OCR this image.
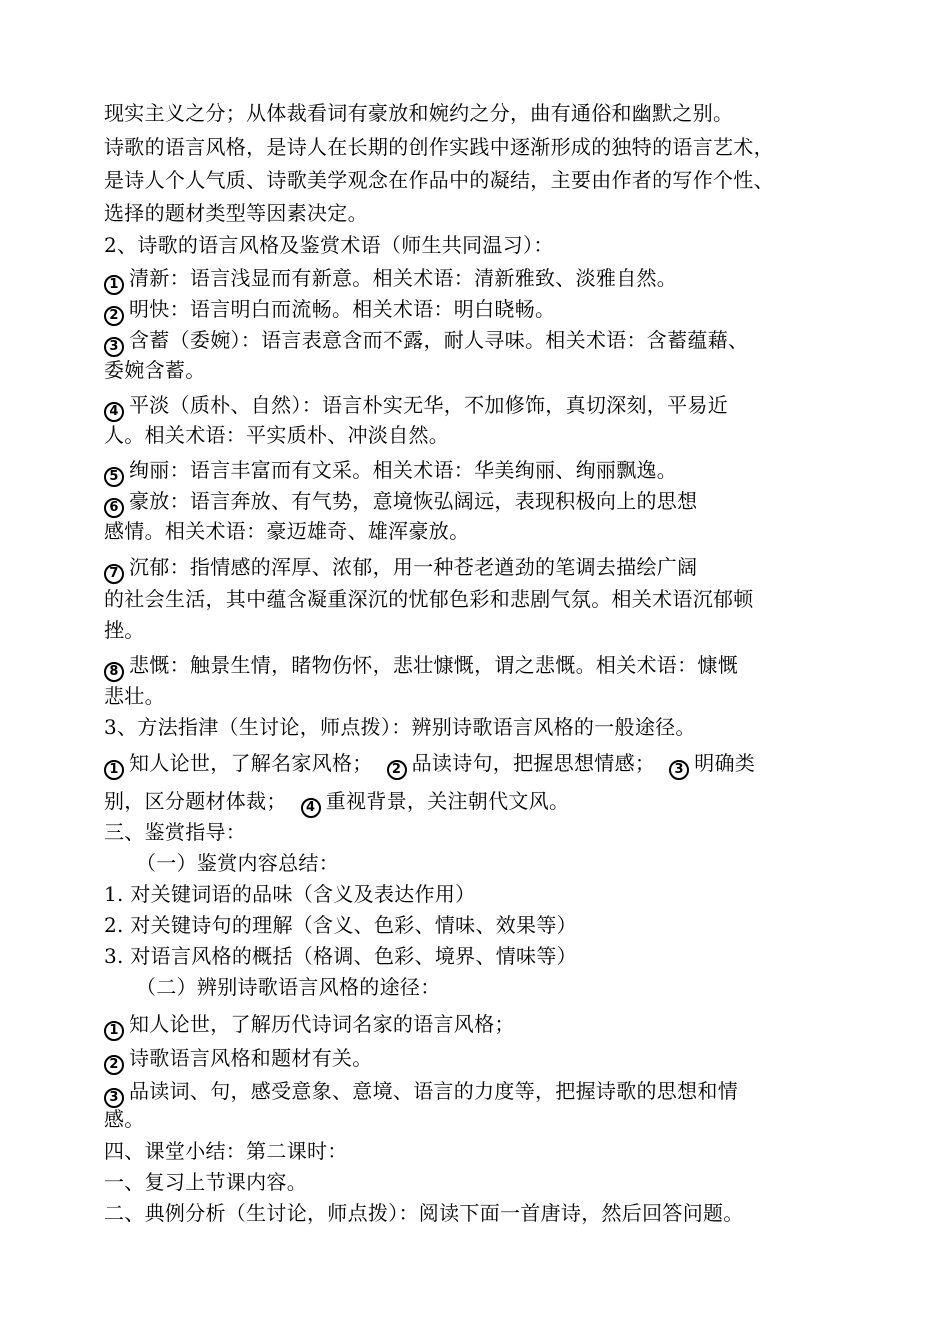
现实主义之分；从体裁看词有豪放和婉约之分，曲有通俗和幽默之别。
诗歌的语言风格，是诗人在长期的创作实践中逐渐形成的独特的语言艺术，
是诗人个人气质、诗歌美学观念在作品中的凝结，主要由作者的写作个性、
选择的题材类型等因素决定。
2、诗歌的语言风格及鉴赏术语（师生共同温习）：
1 清新：语言浅显而有新意。相关术语：清新雅致、淡雅自然。
2 明快：语言明白而流畅。相关术语：明白晓畅。
3 含蓄（委婉）：语言表意含而不露，耐人寻味。相关术语：含蓄蕴藉、
委婉含蓄。
4 平淡（质朴、自然）：语言朴实无华，不加修饰，真切深刻，平易近
人。相关术语：平实质朴、冲淡自然。
5 绚丽：语言丰富而有文采。相关术语：华美绚丽、绚丽飘逸。
6 豪放：语言奔放、有气势，意境恢弘阔远，表现积极向上的思想
感情。相关术语：豪迈雄奇、雄浑豪放。
7 沉郁：指情感的浑厚、浓郁，用一种苍老遒劲的笔调去描绘广阔
的社会生活，其中蕴含凝重深沉的忧郁色彩和悲剧气氛。相关术语沉郁顿
挫。
8 悲慨：触景生情，睹物伤怀，悲壮慷慨，谓之悲慨。相关术语：慷慨
悲壮。
3、方法指津（生讨论，师点拨）：辨别诗歌语言风格的一般途径。
1 知人论世，了解名家风格； 2 品读诗句，把握思想情感； 3 明确类
别，区分题材体裁； 4 重视背景，关注朝代文风。
三、鉴赏指导：
（一）鉴赏内容总结：
1. 对关键词语的品味（含义及表达作用）
2. 对关键诗句的理解（含义、色彩、情味、效果等）
3. 对语言风格的概括（格调、色彩、境界、情味等）
（二）辨别诗歌语言风格的途径：
1 知人论世，了解历代诗词名家的语言风格；
2 诗歌语言风格和题材有关。
3 品读词、句，感受意象、意境、语言的力度等，把握诗歌的思想和情
感。
四、课堂小结：第二课时：
一、复习上节课内容。
二、典例分析（生讨论，师点拨）：阅读下面一首唐诗，然后回答问题。
